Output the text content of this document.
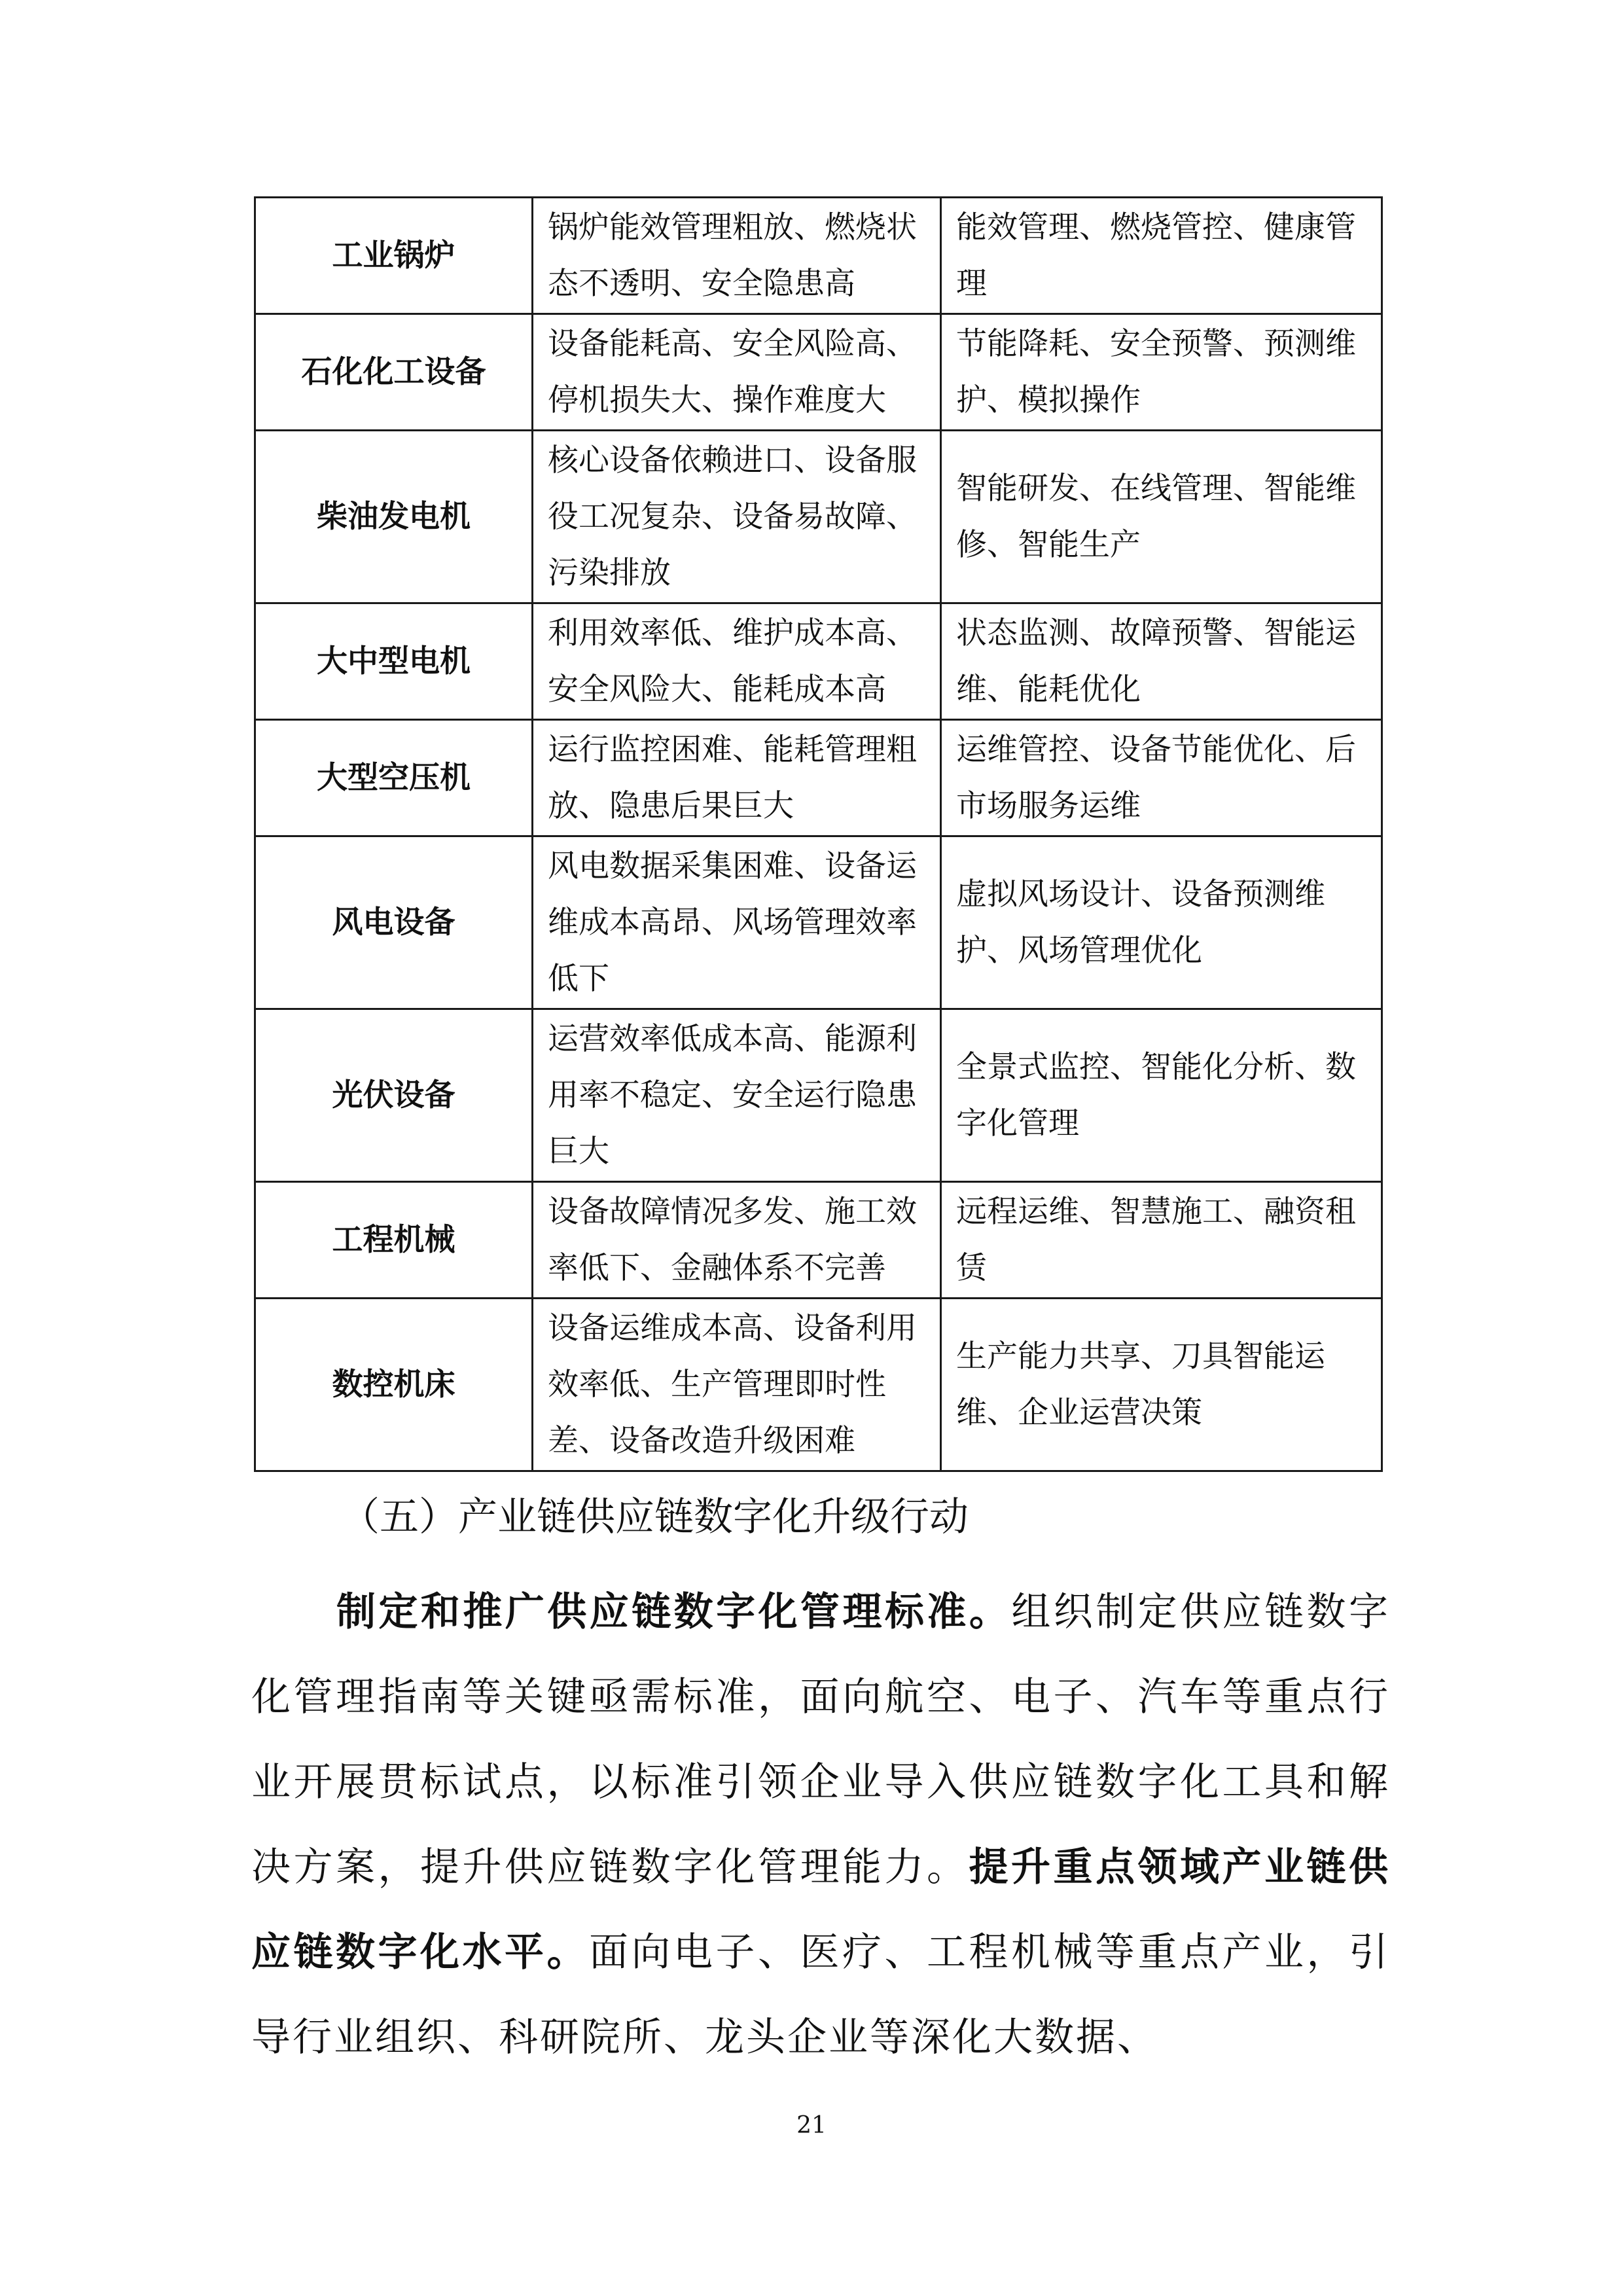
工业锅炉	锅炉能效管理粗放、燃烧状态不透明、安全隐患高	能效管理、燃烧管控、健康管理
石化化工设备	设备能耗高、安全风险高、停机损失大、操作难度大	节能降耗、安全预警、预测维护、模拟操作
柴油发电机	核心设备依赖进口、设备服役工况复杂、设备易故障、污染排放	智能研发、在线管理、智能维修、智能生产
大中型电机	利用效率低、维护成本高、安全风险大、能耗成本高	状态监测、故障预警、智能运维、能耗优化
大型空压机	运行监控困难、能耗管理粗放、隐患后果巨大	运维管控、设备节能优化、后市场服务运维
风电设备	风电数据采集困难、设备运维成本高昂、风场管理效率低下	虚拟风场设计、设备预测维护、风场管理优化
光伏设备	运营效率低成本高、能源利用率不稳定、安全运行隐患巨大	全景式监控、智能化分析、数字化管理
工程机械	设备故障情况多发、施工效率低下、金融体系不完善	远程运维、智慧施工、融资租赁
数控机床	设备运维成本高、设备利用效率低、生产管理即时性差、设备改造升级困难	生产能力共享、刀具智能运维、企业运营决策
（五）产业链供应链数字化升级行动

制定和推广供应链数字化管理标准。组织制定供应链数字化管理指南等关键亟需标准，面向航空、电子、汽车等重点行业开展贯标试点，以标准引领企业导入供应链数字化工具和解决方案，提升供应链数字化管理能力。提升重点领域产业链供应链数字化水平。面向电子、医疗、工程机械等重点产业，引导行业组织、科研院所、龙头企业等深化大数据、

21
